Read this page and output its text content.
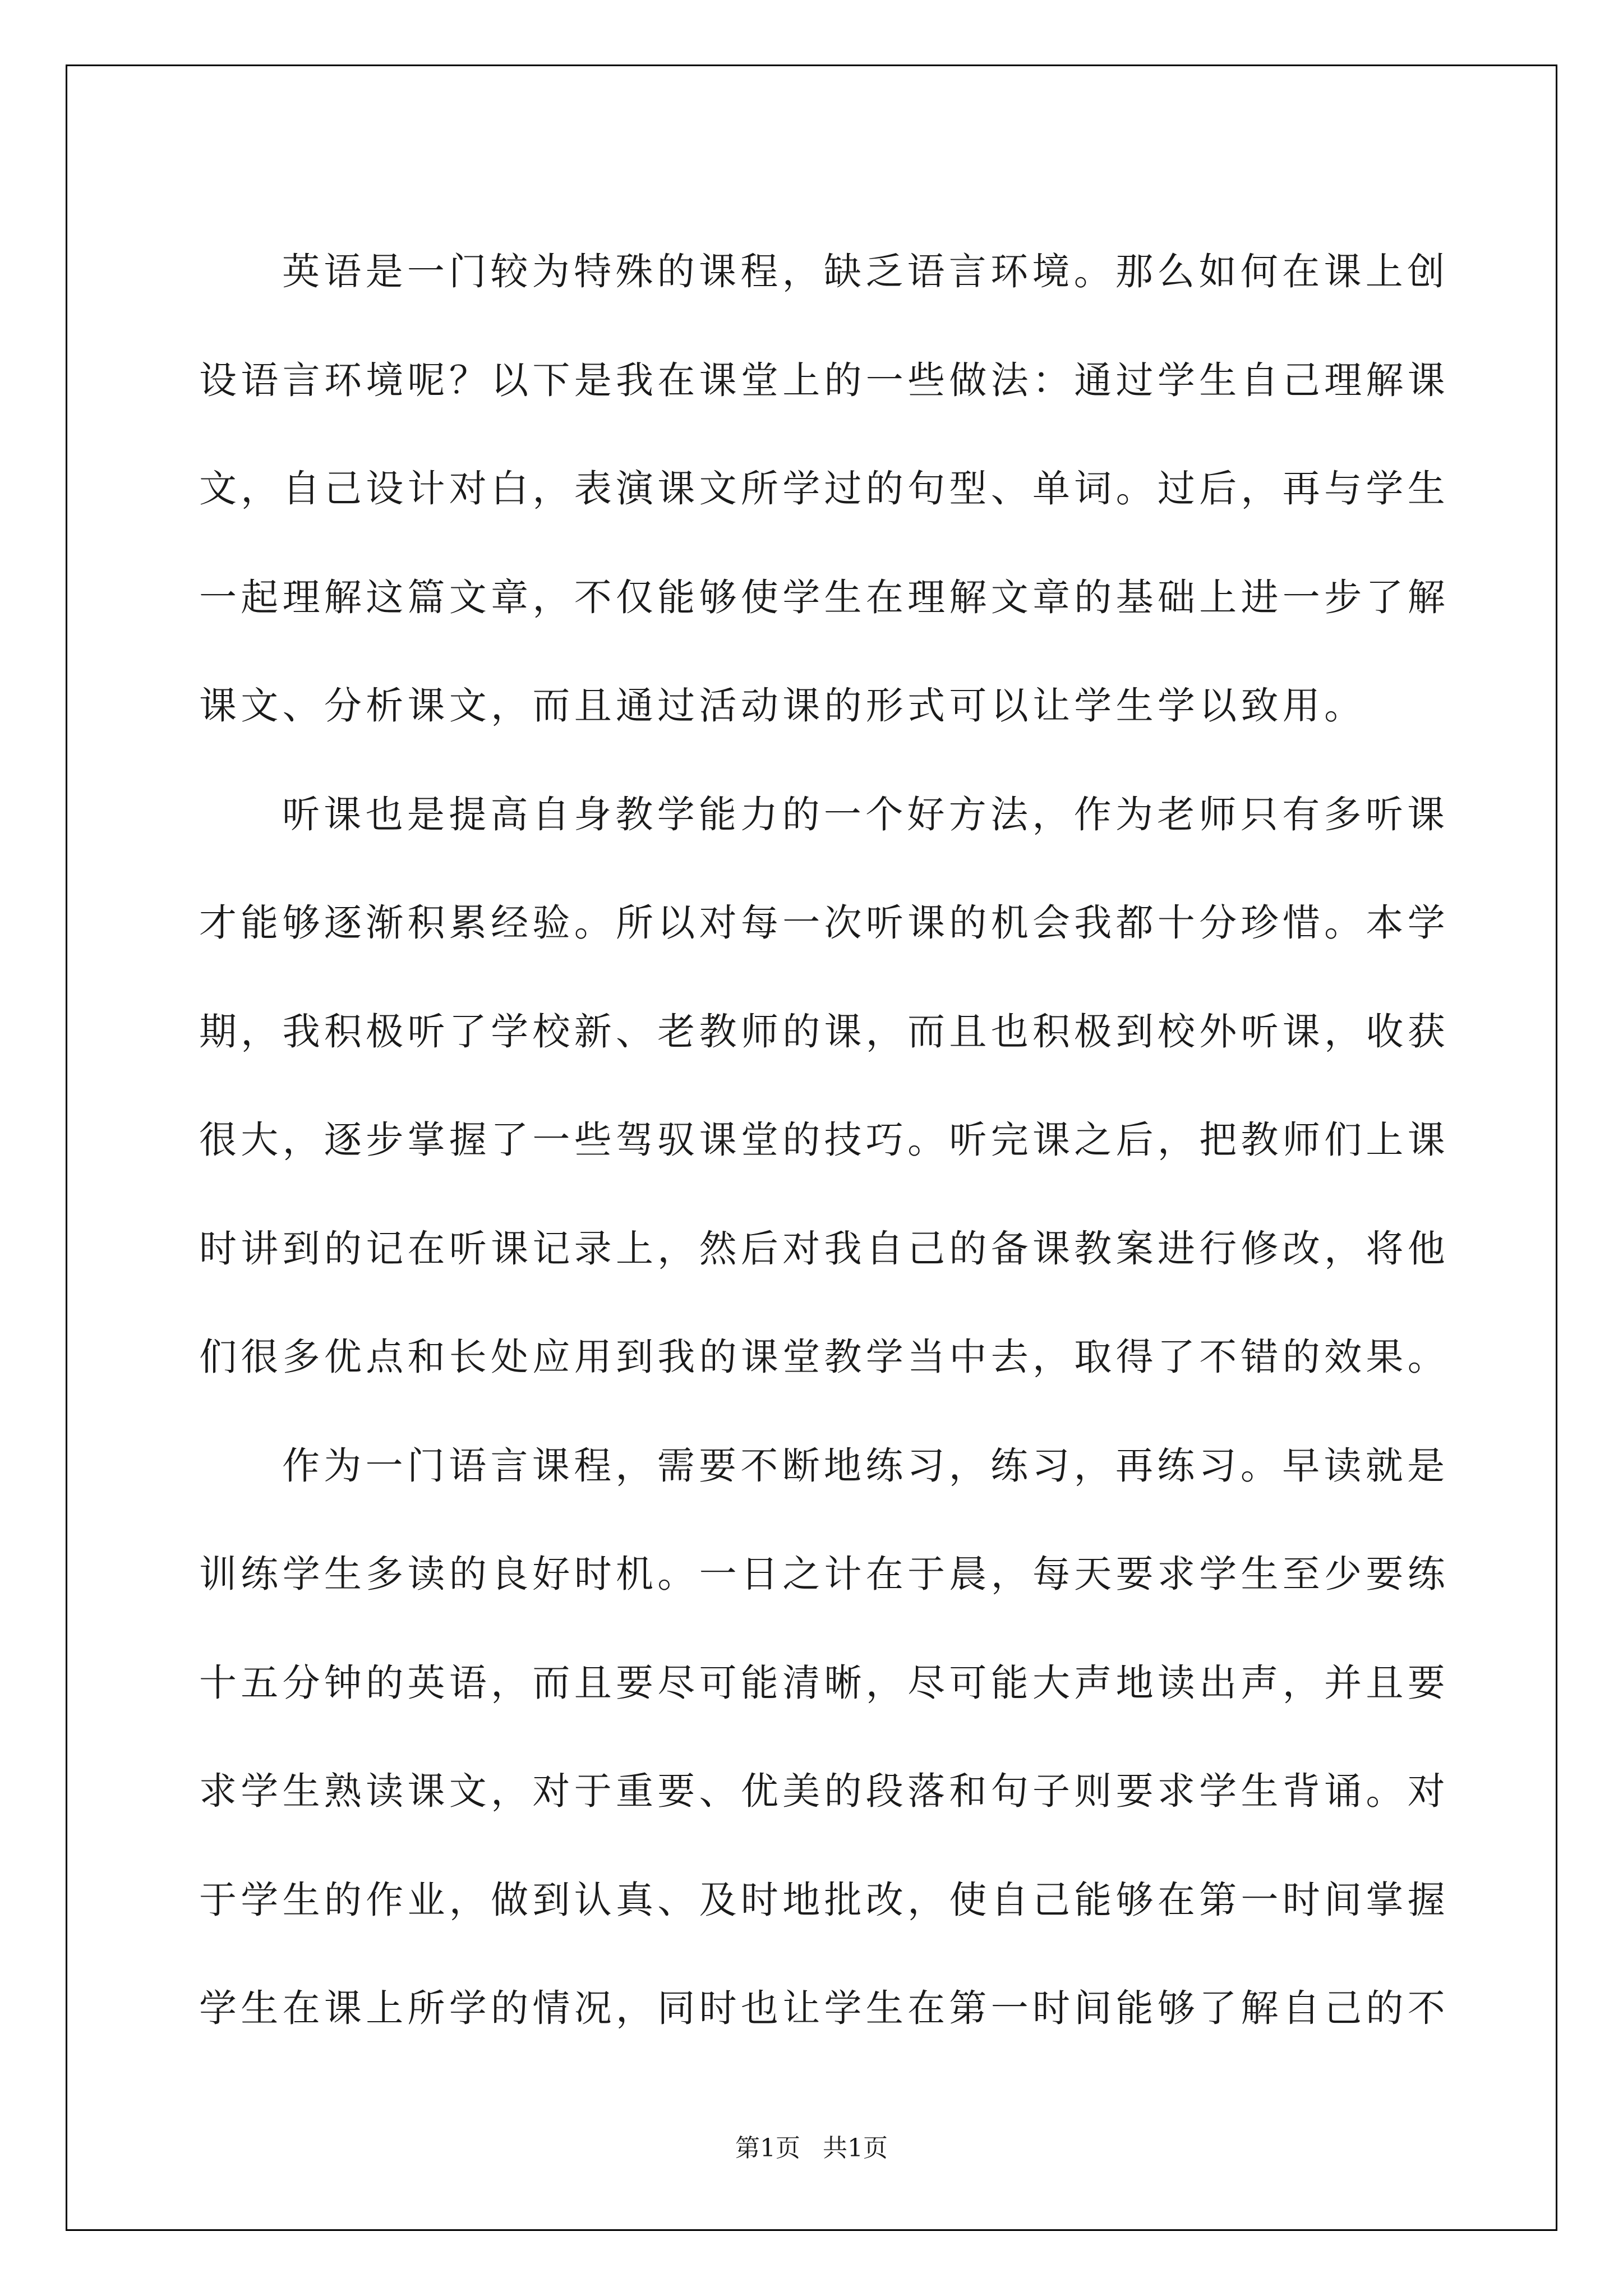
英语是一门较为特殊的课程，缺乏语言环境。那么如何在课上创
设语言环境呢？以下是我在课堂上的一些做法：通过学生自己理解课
文，自己设计对白，表演课文所学过的句型、单词。过后，再与学生
一起理解这篇文章，不仅能够使学生在理解文章的基础上进一步了解
课文、分析课文，而且通过活动课的形式可以让学生学以致用。

听课也是提高自身教学能力的一个好方法，作为老师只有多听课
才能够逐渐积累经验。所以对每一次听课的机会我都十分珍惜。本学
期，我积极听了学校新、老教师的课，而且也积极到校外听课，收获
很大，逐步掌握了一些驾驭课堂的技巧。听完课之后，把教师们上课
时讲到的记在听课记录上，然后对我自己的备课教案进行修改，将他
们很多优点和长处应用到我的课堂教学当中去，取得了不错的效果。

作为一门语言课程，需要不断地练习，练习，再练习。早读就是
训练学生多读的良好时机。一日之计在于晨，每天要求学生至少要练
十五分钟的英语，而且要尽可能清晰，尽可能大声地读出声，并且要
求学生熟读课文，对于重要、优美的段落和句子则要求学生背诵。对
于学生的作业，做到认真、及时地批改，使自己能够在第一时间掌握
学生在课上所学的情况，同时也让学生在第一时间能够了解自己的不

第1页 共1页
